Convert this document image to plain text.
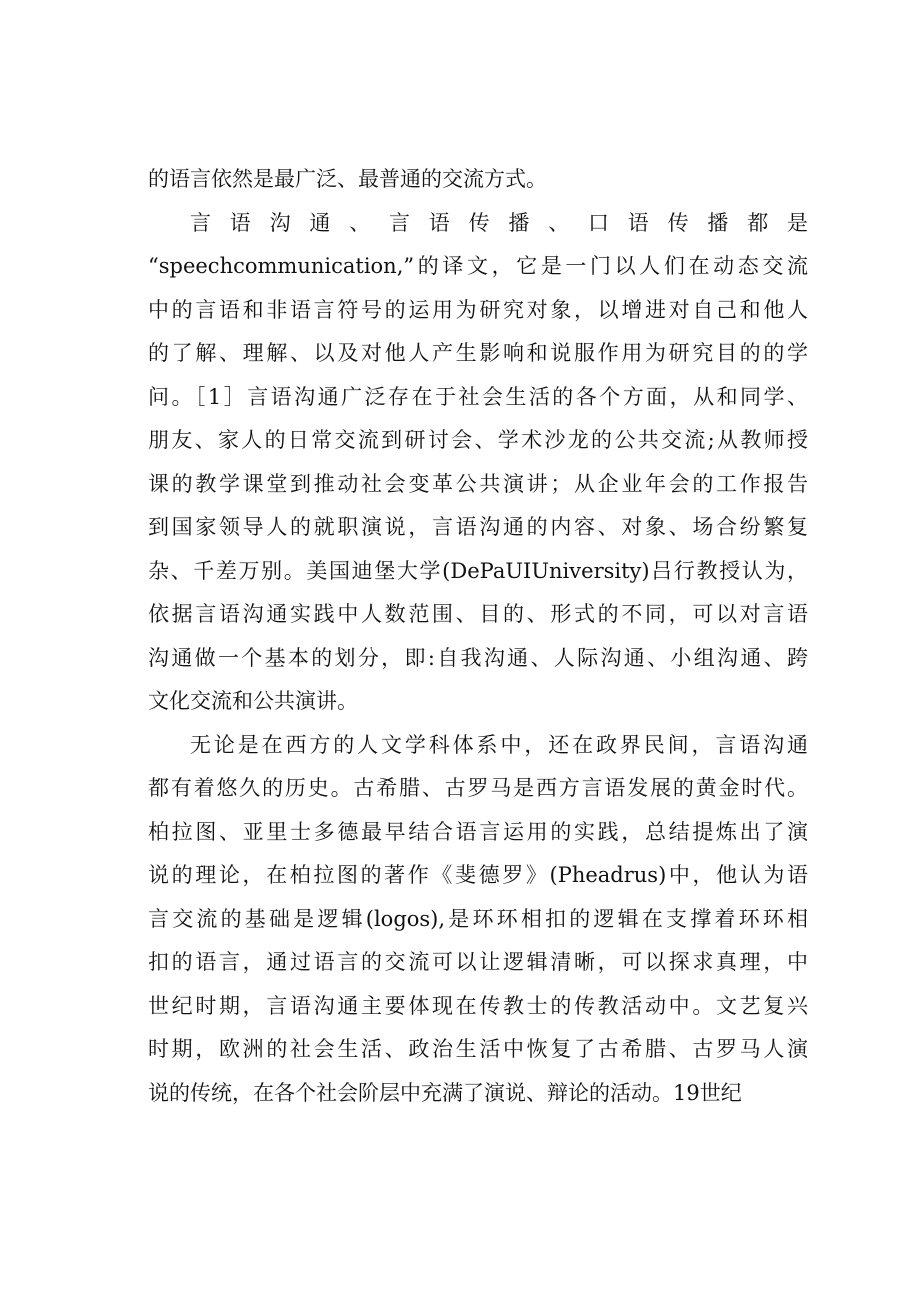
的语言依然是最广泛、最普通的交流方式。
言 语 沟 通 、 言 语 传 播 、 口 语 传 播 都 是
“speechcommunication,”的译文，它是一门以人们在动态交流
中的言语和非语言符号的运用为研究对象，以增进对自己和他人
的了解、理解、以及对他人产生影响和说服作用为研究目的的学
问。［1］言语沟通广泛存在于社会生活的各个方面，从和同学、
朋友、家人的日常交流到研讨会、学术沙龙的公共交流;从教师授
课的教学课堂到推动社会变革公共演讲；从企业年会的工作报告
到国家领导人的就职演说，言语沟通的内容、对象、场合纷繁复
杂、千差万别。美国迪堡大学(DePaUIUniversity)吕行教授认为，
依据言语沟通实践中人数范围、目的、形式的不同，可以对言语
沟通做一个基本的划分，即:自我沟通、人际沟通、小组沟通、跨
文化交流和公共演讲。
无论是在西方的人文学科体系中，还在政界民间，言语沟通
都有着悠久的历史。古希腊、古罗马是西方言语发展的黄金时代。
柏拉图、亚里士多德最早结合语言运用的实践，总结提炼出了演
说的理论，在柏拉图的著作《斐德罗》(Pheadrus)中，他认为语
言交流的基础是逻辑(logos),是环环相扣的逻辑在支撑着环环相
扣的语言，通过语言的交流可以让逻辑清晰，可以探求真理，中
世纪时期，言语沟通主要体现在传教士的传教活动中。文艺复兴
时期，欧洲的社会生活、政治生活中恢复了古希腊、古罗马人演
说的传统，在各个社会阶层中充满了演说、辩论的活动。19世纪
